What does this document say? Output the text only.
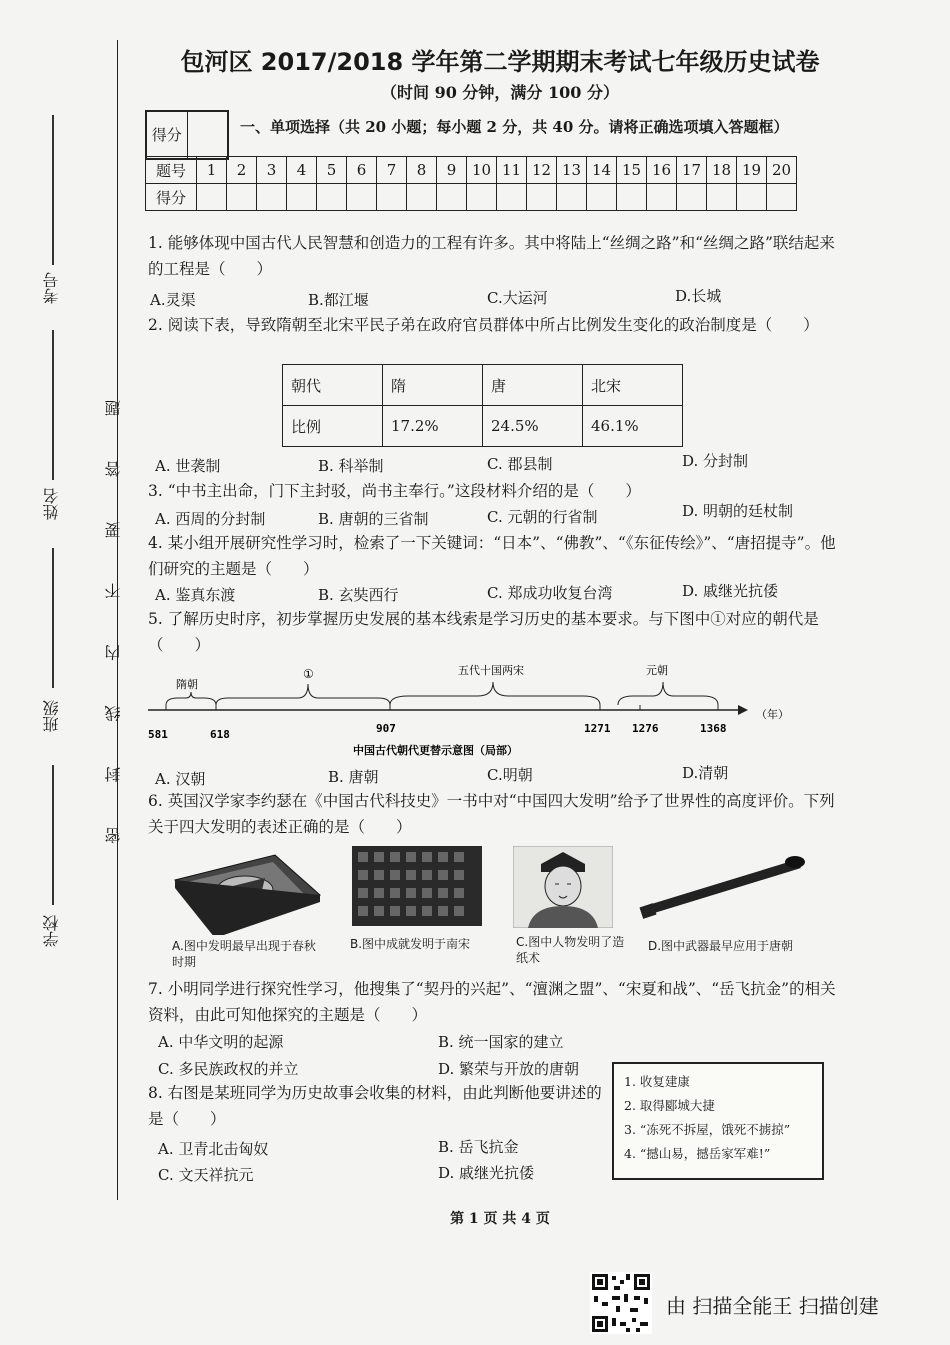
考号
姓名
班级
学校
密 封 线 内 不 要 答 题
包河区 2017/2018 学年第二学期期末考试七年级历史试卷
（时间 90 分钟，满分 100 分）
得分	一、单项选择（共 20 小题；每小题 2 分，共 40 分。请将正确选项填入答题框）
题号	1	2	3	4	5	6	7	8	9	10	11	12	13	14	15	16	17	18	19	20
得分																				
1. 能够体现中国古代人民智慧和创造力的工程有许多。其中将陆上“丝绸之路”和“丝绸之路”联结起来的工程是（　　）
A.灵渠	B.都江堰	C.大运河	D.长城
2. 阅读下表，导致隋朝至北宋平民子弟在政府官员群体中所占比例发生变化的政治制度是（　　）
朝代	隋	唐	北宋
比例	17.2%	24.5%	46.1%
A. 世袭制	B. 科举制	C. 郡县制	D. 分封制
3. “中书主出命，门下主封驳，尚书主奉行。”这段材料介绍的是（　　）
A. 西周的分封制	B. 唐朝的三省制	C. 元朝的行省制	D. 明朝的廷杖制
4. 某小组开展研究性学习时，检索了一下关键词：“日本”、“佛教”、“《东征传绘》”、“唐招提寺”。他们研究的主题是（　　）
A. 鉴真东渡	B. 玄奘西行	C. 郑成功收复台湾	D. 戚继光抗倭
5. 了解历史时序，初步掌握历史发展的基本线索是学习历史的基本要求。与下图中①对应的朝代是（　　）
隋朝
①	五代十国两宋	元朝
581	618	907	1271 1276	1368
（年）
中国古代朝代更替示意图（局部）
A. 汉朝	B. 唐朝	C.明朝	D.清朝
6. 英国汉学家李约瑟在《中国古代科技史》一书中对“中国四大发明”给予了世界性的高度评价。下列关于四大发明的表述正确的是（　　）
A.图中发明最早出现于春秋时期
B.图中成就发明于南宋	C.图中人物发明了造纸术
D.图中武器最早应用于唐朝
7. 小明同学进行探究性学习，他搜集了“契丹的兴起”、“澶渊之盟”、“宋夏和战”、“岳飞抗金”的相关资料，由此可知他探究的主题是（　　）
A. 中华文明的起源	B. 统一国家的建立
C. 多民族政权的并立	D. 繁荣与开放的唐朝
8. 右图是某班同学为历史故事会收集的材料，由此判断他要讲述的是（　　）
A. 卫青北击匈奴	B. 岳飞抗金
C. 文天祥抗元	D. 戚继光抗倭
1. 收复建康
2. 取得郾城大捷
3. “冻死不拆屋，饿死不掳掠”
4. “撼山易，撼岳家军难!”
第 1 页 共 4 页
由 扫描全能王 扫描创建
